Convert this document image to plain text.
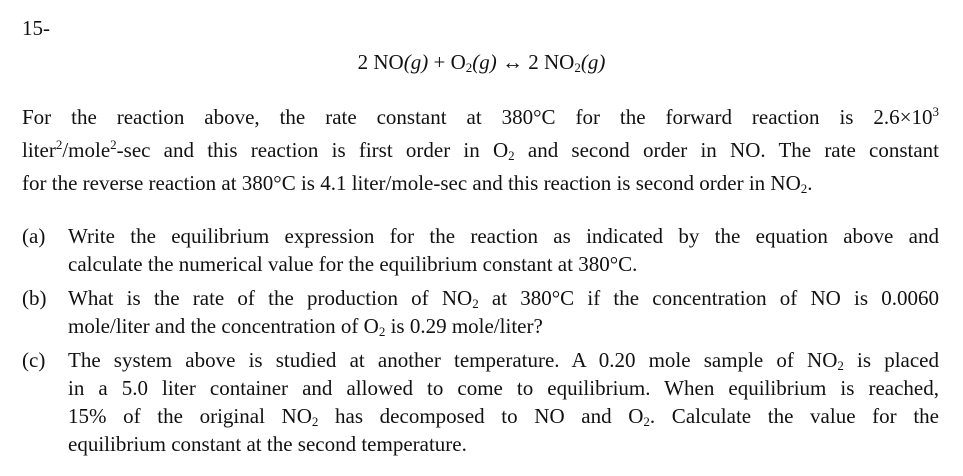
15-
2 $NO(g) + O_2(g)$ ↔ 2 $NO_2(g)$
For the reaction above, the rate constant at 380°C for the forward reaction is $2.6\times 10^3$
liter$^2$/mole$^2$-sec and this reaction is first order in $O_2$ and second order in NO. The rate constant
for the reverse reaction at 380°C is 4.1 liter/mole-sec and this reaction is second order in $NO_2$.
(a)	Write the equilibrium expression for the reaction as indicated by the equation above and
calculate the numerical value for the equilibrium constant at 380°C.
(b)	What is the rate of the production of $NO_2$ at 380°C if the concentration of NO is 0.0060
mole/liter and the concentration of $O_2$ is 0.29 mole/liter?
(c)	The system above is studied at another temperature. A 0.20 mole sample of $NO_2$ is placed
in a 5.0 liter container and allowed to come to equilibrium. When equilibrium is reached,
15% of the original $NO_2$ has decomposed to NO and $O_2$. Calculate the value for the
equilibrium constant at the second temperature.
